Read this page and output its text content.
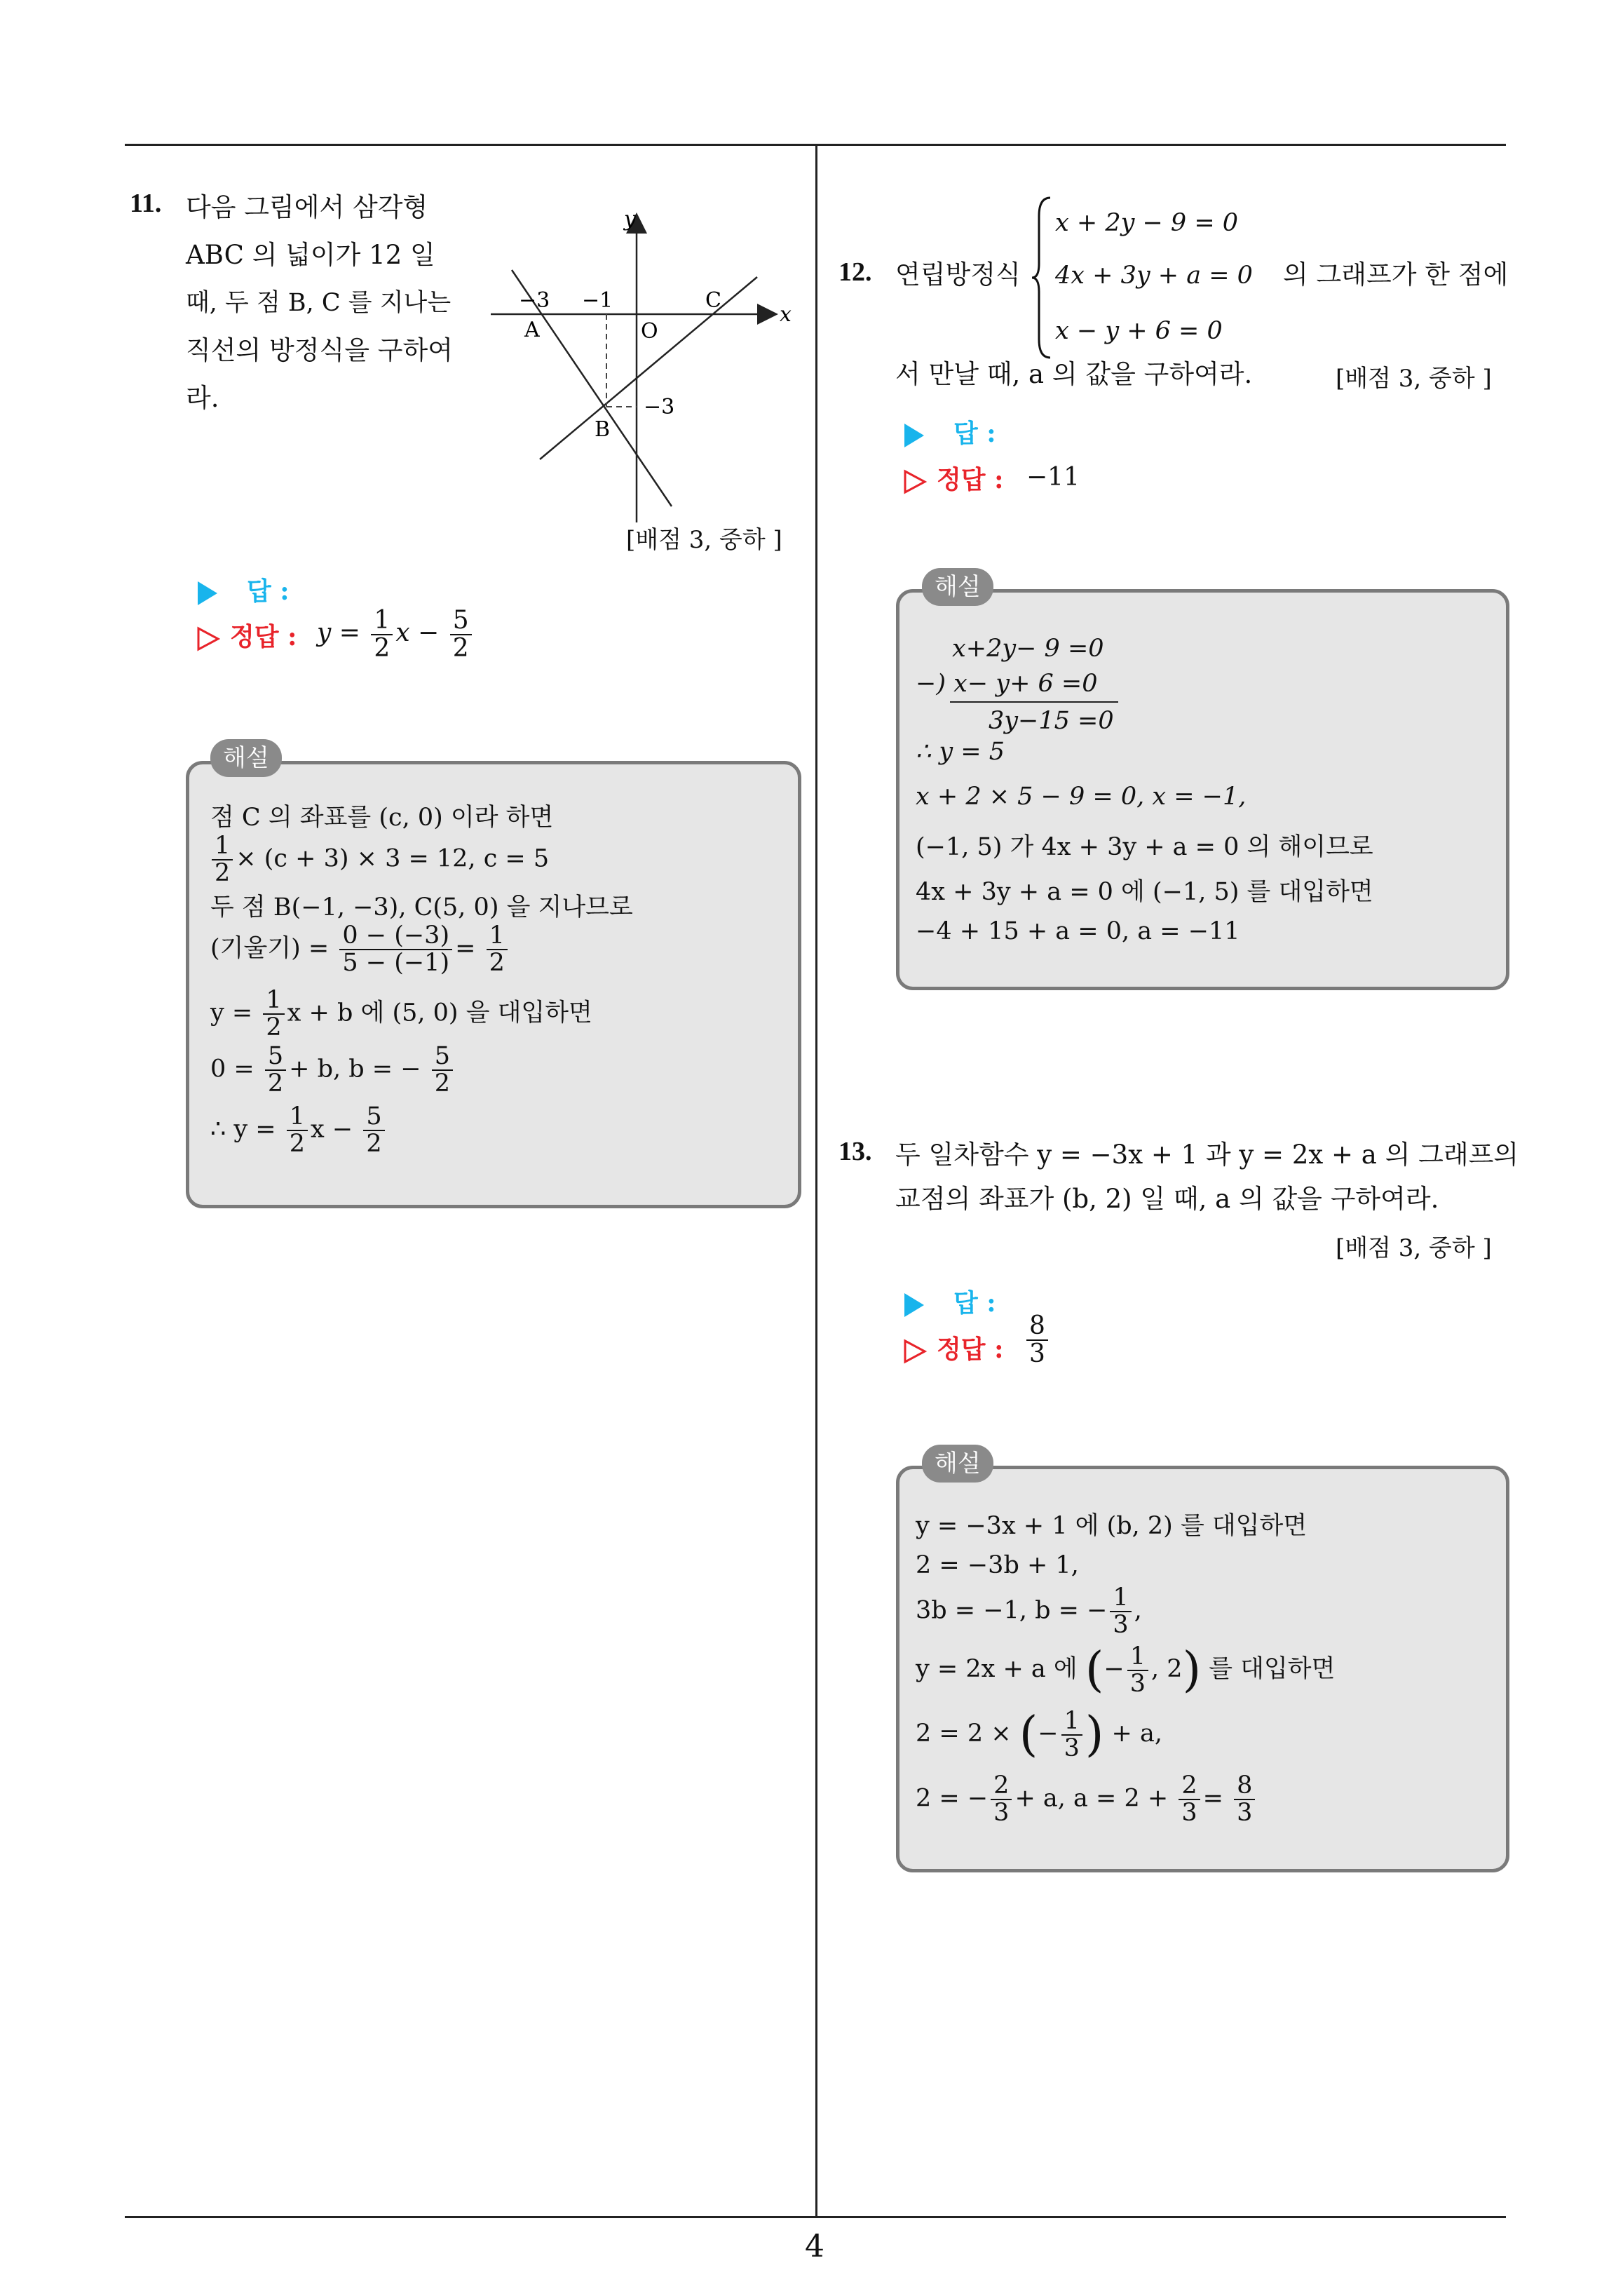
4
11. 다음 그림에서 삼각형
ABC 의 넓이가 12 일
때, 두 점 B, C 를 지나는
직선의 방정식을 구하여
라.
y
x
−3 −1
O
−3
A
B
C
[배점 3, 중하 ]
답 :
정답 : $y = \frac{1}{2}$ $x - \frac{5}{2}$
해설
점 C 의 좌표를 (c, 0) 이라 하면
$\frac{1}{2} \times (c + 3) \times 3 = 12$, c = 5
두 점 B(−1, −3), C(5, 0) 을 지나므로
(기울기) = $\frac{0 - (-3)}{5 - (-1)} = \frac{1}{2}$
$y = \frac{1}{2}$ x + b 에 (5, 0) 을 대입하면
$0 = \frac{5}{2} + b$, b = − $\frac{5}{2}$
∴ $y = \frac{1}{2}$ $x - \frac{5}{2}$
12. 연립방정식
x + 2y − 9 = 0
4x + 3y + a = 0
x − y + 6 = 0
의 그래프가 한 점에
서 만날 때, a 의 값을 구하여라.	[배점 3, 중하 ]
답 :
정답 : −11
해설
x+2y− 9 =0
−) x− y+ 6 =0
3y−15 =0
∴ y = 5
x + 2 × 5 − 9 = 0, x = −1,
(−1, 5) 가 4x + 3y + a = 0 의 해이므로
4x + 3y + a = 0 에 (−1, 5) 를 대입하면
−4 + 15 + a = 0, a = −11
13. 두 일차함수 y = −3x + 1 과 y = 2x + a 의 그래프의
교점의 좌표가 (b, 2) 일 때, a 의 값을 구하여라.
[배점 3, 중하 ]
답 :
정답 : $\frac{8}{3}$
해설
y = −3x + 1 에 (b, 2) 를 대입하면
2 = −3b + 1,
3b = −1, b = − $\frac{1}{3}$ ,
y = 2x + a 에 (− $\frac{1}{3}$ , 2) 를 대입하면
2 = 2 × (− $\frac{1}{3}$ ) + a,
2 = − $\frac{2}{3} + a$, $a = 2 + \frac{2}{3} = \frac{8}{3}$
